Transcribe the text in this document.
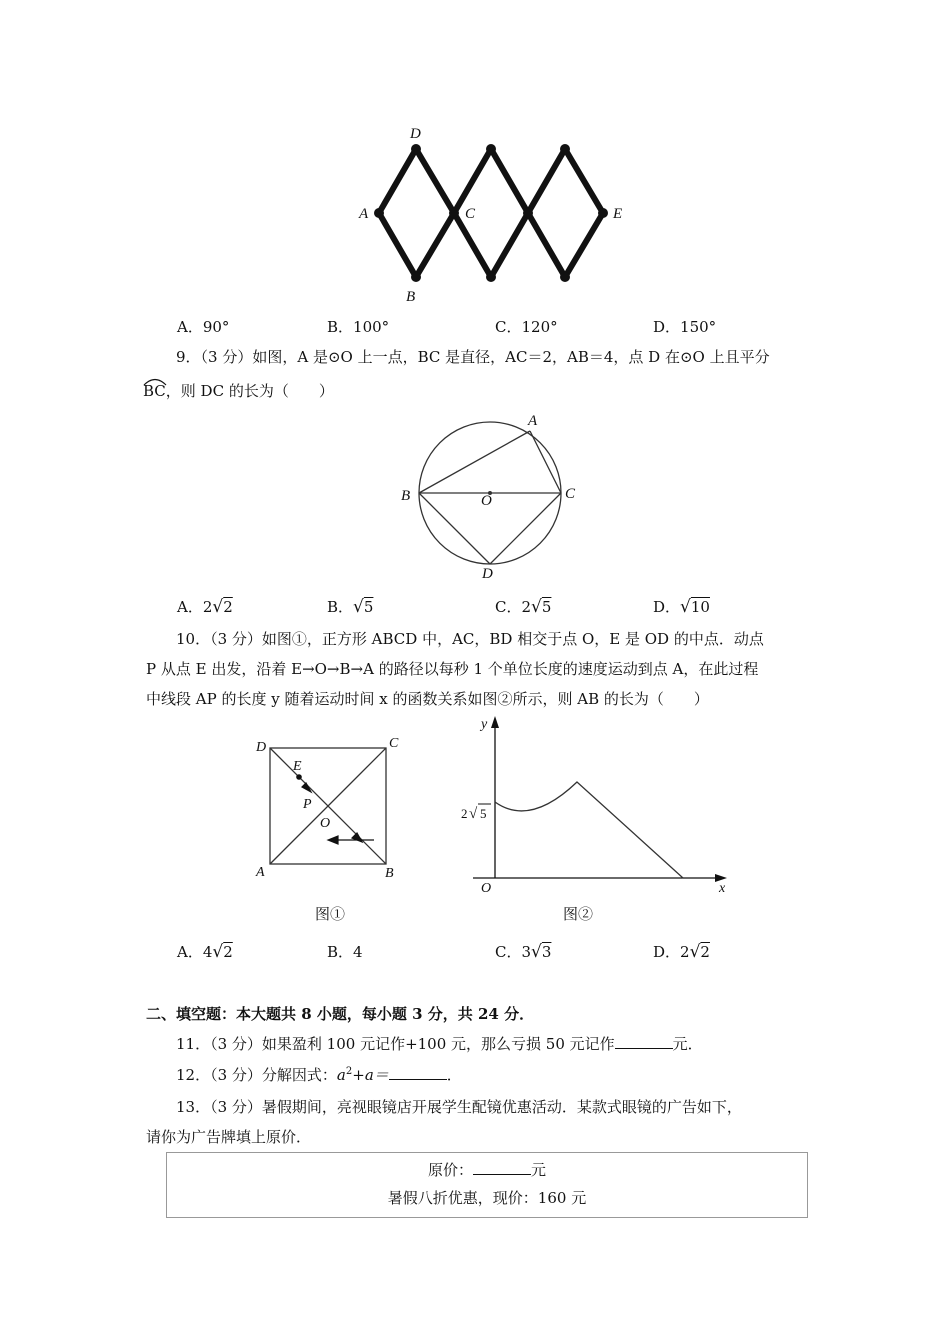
D
A
B
C	E
A．90°	B．100°	C．120°	D．150°
9．（3 分）如图，A 是⊙O 上一点，BC 是直径，AC＝2，AB＝4，点 D 在⊙O 上且平分
BC，则 DC 的长为（　　）
A
B	C
O
D
A．2√2	B．√5	C．2√5	D．√10
10．（3 分）如图①，正方形 ABCD 中，AC，BD 相交于点 O，E 是 OD 的中点．动点
P 从点 E 出发，沿着 E→O→B→A 的路径以每秒 1 个单位长度的速度运动到点 A，在此过程
中线段 AP 的长度 y 随着运动时间 x 的函数关系如图②所示，则 AB 的长为（　　）
D	C
E
P
O
A	B
图①
y
x
O
2 √ 5
图②
A．4√2	B．4	C．3√3	D．2√2
二、填空题：本大题共 8 小题，每小题 3 分，共 24 分．
11．（3 分）如果盈利 100 元记作+100 元，那么亏损 50 元记作	元．
12．（3 分）分解因式：$a^2+a=$	．
13．（3 分）暑假期间，亮视眼镜店开展学生配镜优惠活动．某款式眼镜的广告如下，
请你为广告牌填上原价．
原价：	元
暑假八折优惠，现价：160 元
